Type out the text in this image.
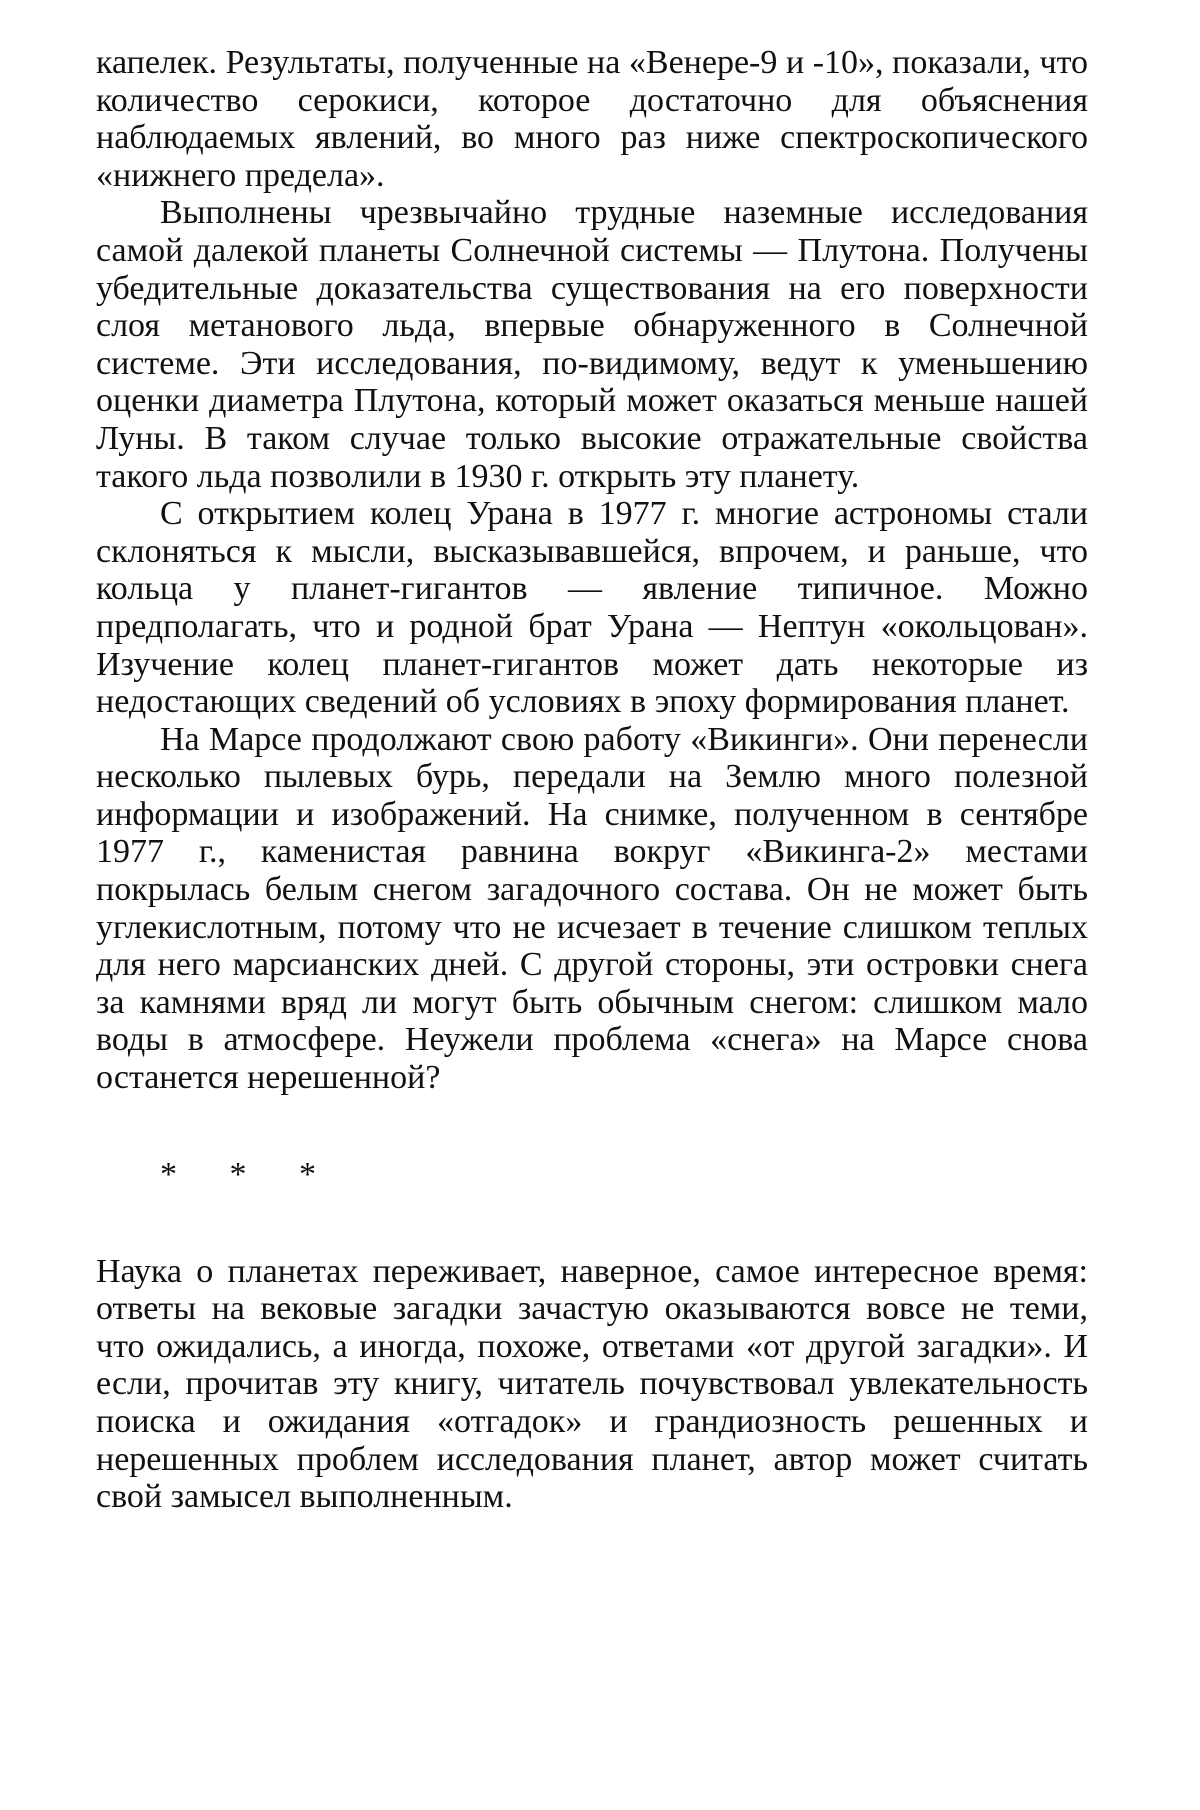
капелек. Результаты, полученные на «Венере-9 и -10», показали, что количество серокиси, которое достаточно для объяснения наблюдаемых явлений, во много раз ниже спектроскопического «нижнего предела».

Выполнены чрезвычайно трудные наземные исследования самой далекой планеты Солнечной системы — Плутона. Получены убедительные доказательства существования на его поверхности слоя метанового льда, впервые обнаруженного в Солнечной системе. Эти исследования, по-видимому, ведут к уменьшению оценки диаметра Плутона, который может оказаться меньше нашей Луны. В таком случае только высокие отражательные свойства такого льда позволили в 1930 г. открыть эту планету.

С открытием колец Урана в 1977 г. многие астрономы стали склоняться к мысли, высказывавшейся, впрочем, и раньше, что кольца у планет-гигантов — явление типичное. Можно предполагать, что и родной брат Урана — Нептун «окольцован». Изучение колец планет-гигантов может дать некоторые из недостающих сведений об условиях в эпоху формирования планет.

На Марсе продолжают свою работу «Викинги». Они перенесли несколько пылевых бурь, передали на Землю много полезной информации и изображений. На снимке, полученном в сентябре 1977 г., каменистая равнина вокруг «Викинга-2» местами покрылась белым снегом загадочного состава. Он не может быть углекислотным, потому что не исчезает в течение слишком теплых для него марсианских дней. С другой стороны, эти островки снега за камнями вряд ли могут быть обычным снегом: слишком мало воды в атмосфере. Неужели проблема «снега» на Марсе снова останется нерешенной?

* * *

Наука о планетах переживает, наверное, самое интересное время: ответы на вековые загадки зачастую оказываются вовсе не теми, что ожидались, а иногда, похоже, ответами «от другой загадки». И если, прочитав эту книгу, читатель почувствовал увлекательность поиска и ожидания «отгадок» и грандиозность решенных и нерешенных проблем исследования планет, автор может считать свой замысел выполненным.
